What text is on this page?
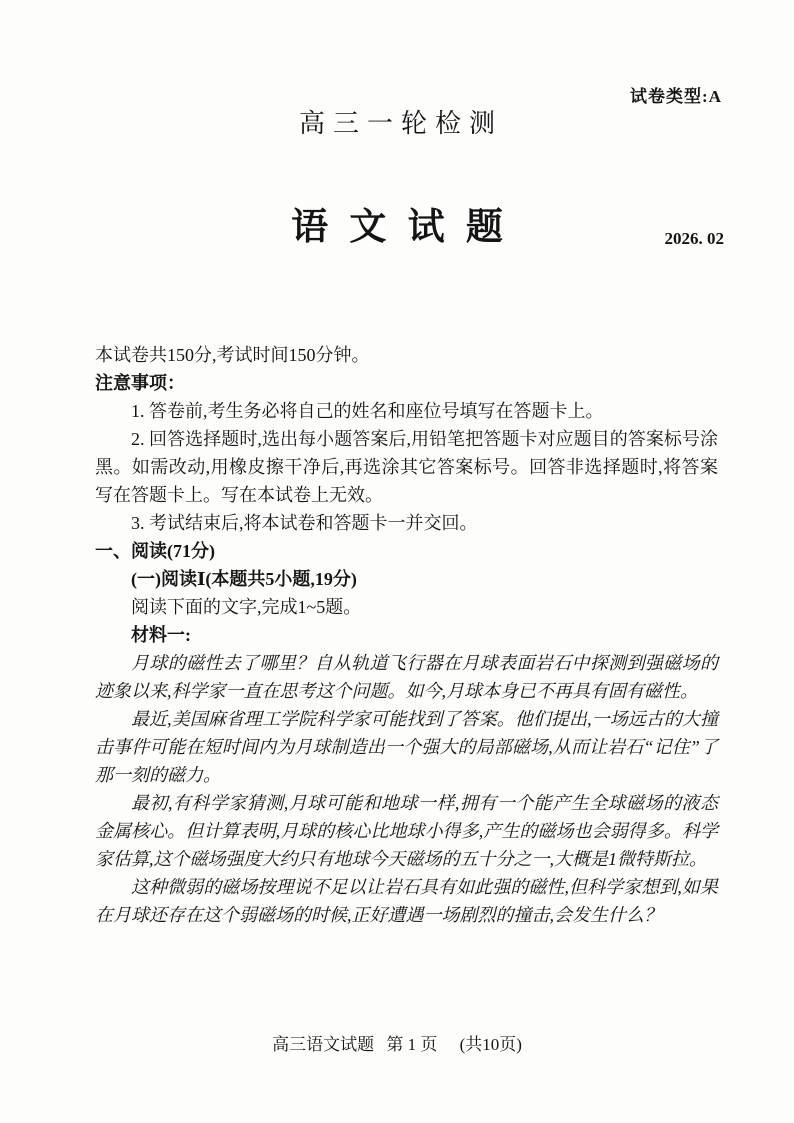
试卷类型:A
高三一轮检测
语 文 试 题	2026. 02

本试卷共150分,考试时间150分钟。

注意事项：

1. 答卷前,考生务必将自己的姓名和座位号填写在答题卡上。

2. 回答选择题时,选出每小题答案后,用铅笔把答题卡对应题目的答案标号涂黑。如需改动,用橡皮擦干净后,再选涂其它答案标号。回答非选择题时,将答案写在答题卡上。写在本试卷上无效。

3. 考试结束后,将本试卷和答题卡一并交回。

一、阅读(71分)

(一)阅读Ⅰ(本题共5小题,19分)

阅读下面的文字,完成1~5题。

材料一:

月球的磁性去了哪里？自从轨道飞行器在月球表面岩石中探测到强磁场的迹象以来,科学家一直在思考这个问题。如今,月球本身已不再具有固有磁性。

最近,美国麻省理工学院科学家可能找到了答案。他们提出,一场远古的大撞击事件可能在短时间内为月球制造出一个强大的局部磁场,从而让岩石“记住”了那一刻的磁力。

最初,有科学家猜测,月球可能和地球一样,拥有一个能产生全球磁场的液态金属核心。但计算表明,月球的核心比地球小得多,产生的磁场也会弱得多。科学家估算,这个磁场强度大约只有地球今天磁场的五十分之一,大概是1微特斯拉。

这种微弱的磁场按理说不足以让岩石具有如此强的磁性,但科学家想到,如果在月球还存在这个弱磁场的时候,正好遭遇一场剧烈的撞击,会发生什么？

高三语文试题 第 1 页 (共10页)
